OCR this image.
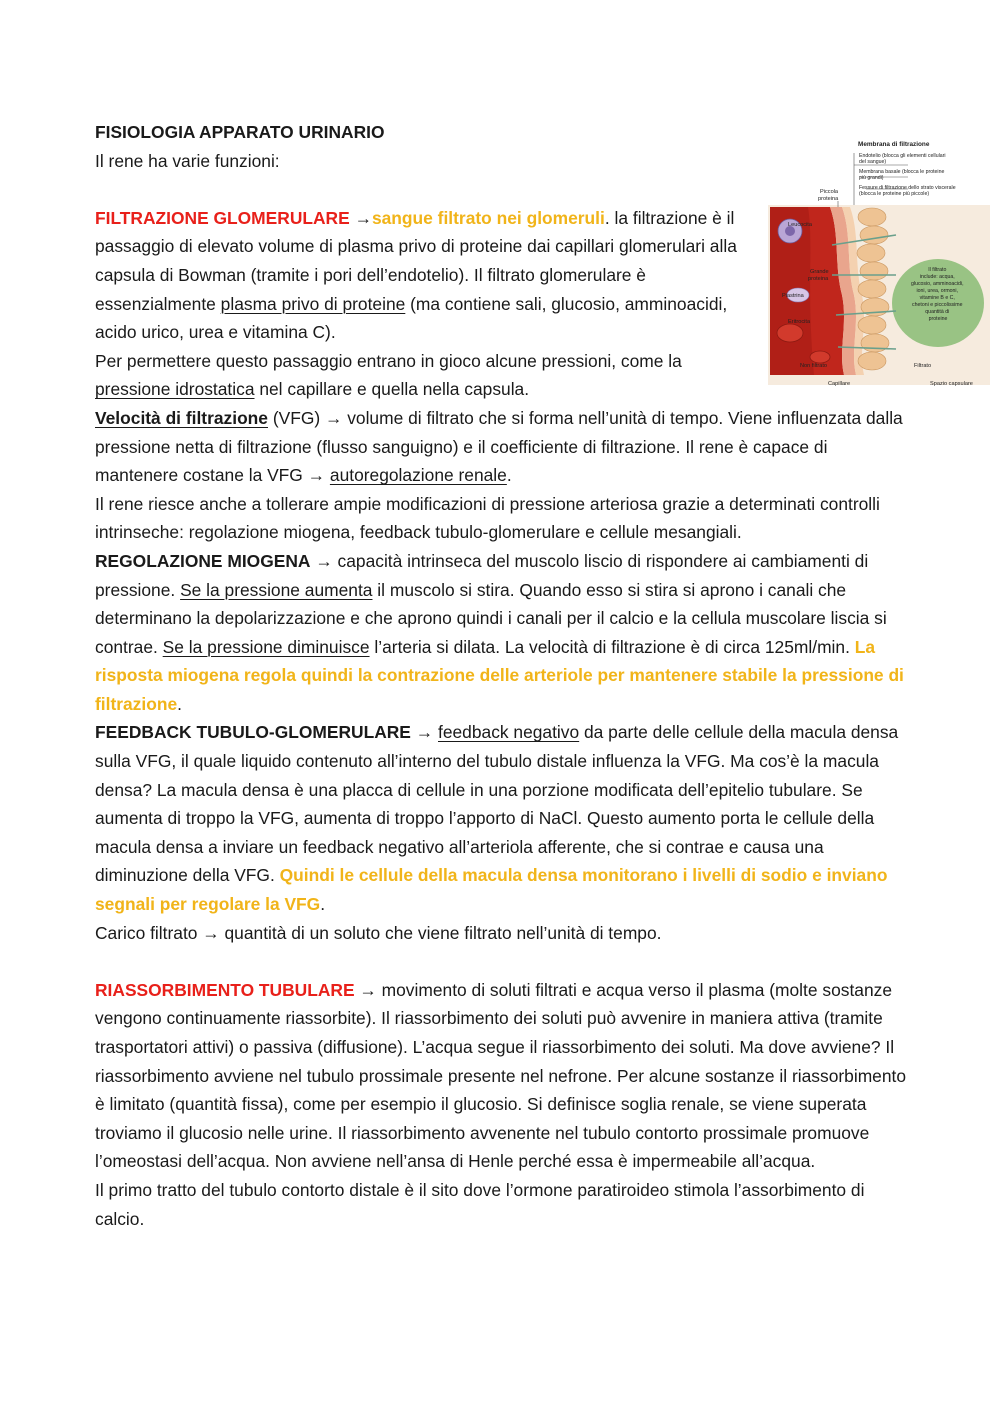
FISIOLOGIA APPARATO URINARIO

Il rene ha varie funzioni:

FILTRAZIONE GLOMERULARE →sangue filtrato nei glomeruli. la filtrazione è il passaggio di elevato volume di plasma privo di proteine dai capillari glomerulari alla capsula di Bowman (tramite i pori dell’endotelio). Il filtrato glomerulare è essenzialmente plasma privo di proteine (ma contiene sali, glucosio, amminoacidi, acido urico, urea e vitamina C).

Per permettere questo passaggio entrano in gioco alcune pressioni, come la pressione idrostatica nel capillare e quella nella capsula.

Velocità di filtrazione (VFG) → volume di filtrato che si forma nell’unità di tempo. Viene influenzata dalla pressione netta di filtrazione (flusso sanguigno) e il coefficiente di filtrazione. Il rene è capace di mantenere costane la VFG → autoregolazione renale.

Il rene riesce anche a tollerare ampie modificazioni di pressione arteriosa grazie a determinati controlli intrinseche: regolazione miogena, feedback tubulo-glomerulare e cellule mesangiali.

REGOLAZIONE MIOGENA → capacità intrinseca del muscolo liscio di rispondere ai cambiamenti di pressione. Se la pressione aumenta il muscolo si stira. Quando esso si stira si aprono i canali che determinano la depolarizzazione e che aprono quindi i canali per il calcio e la cellula muscolare liscia si contrae. Se la pressione diminuisce l’arteria si dilata. La velocità di filtrazione è di circa 125ml/min. La risposta miogena regola quindi la contrazione delle arteriole per mantenere stabile la pressione di filtrazione.

FEEDBACK TUBULO-GLOMERULARE → feedback negativo da parte delle cellule della macula densa sulla VFG, il quale liquido contenuto all’interno del tubulo distale influenza la VFG. Ma cos’è la macula densa? La macula densa è una placca di cellule in una porzione modificata dell’epitelio tubulare. Se aumenta di troppo la VFG, aumenta di troppo l’apporto di NaCl. Questo aumento porta le cellule della macula densa a inviare un feedback negativo all’arteriola afferente, che si contrae e causa una diminuzione della VFG. Quindi le cellule della macula densa monitorano i livelli di sodio e inviano segnali per regolare la VFG.

Carico filtrato → quantità di un soluto che viene filtrato nell’unità di tempo.

RIASSORBIMENTO TUBULARE → movimento di soluti filtrati e acqua verso il plasma (molte sostanze vengono continuamente riassorbite). Il riassorbimento dei soluti può avvenire in maniera attiva (tramite trasportatori attivi) o passiva (diffusione). L’acqua segue il riassorbimento dei soluti. Ma dove avviene? Il riassorbimento avviene nel tubulo prossimale presente nel nefrone. Per alcune sostanze il riassorbimento è limitato (quantità fissa), come per esempio il glucosio. Si definisce soglia renale, se viene superata troviamo il glucosio nelle urine. Il riassorbimento avvenente nel tubulo contorto prossimale promuove l’omeostasi dell’acqua. Non avviene nell’ansa di Henle perché essa è impermeabile all’acqua.

Il primo tratto del tubulo contorto distale è il sito dove l’ormone paratiroideo stimola l’assorbimento di calcio.

Membrana di filtrazione
Endotelio (blocca gli elementi cellulari del sangue)
Membrana basale (blocca le proteine più grandi)
Fessure di filtrazione dello strato viscerale (blocca le proteine più piccole)
Piccola proteina
Leucocita
Grande proteina
Piastrina
Eritrocita
Non filtrato	Filtrato
Capillare	Spazio capsulare
Il filtrato include: acqua, glucosio, amminoacidi, ioni, urea, ormoni, vitamine B e C, chetoni e piccolissime quantità di proteine
